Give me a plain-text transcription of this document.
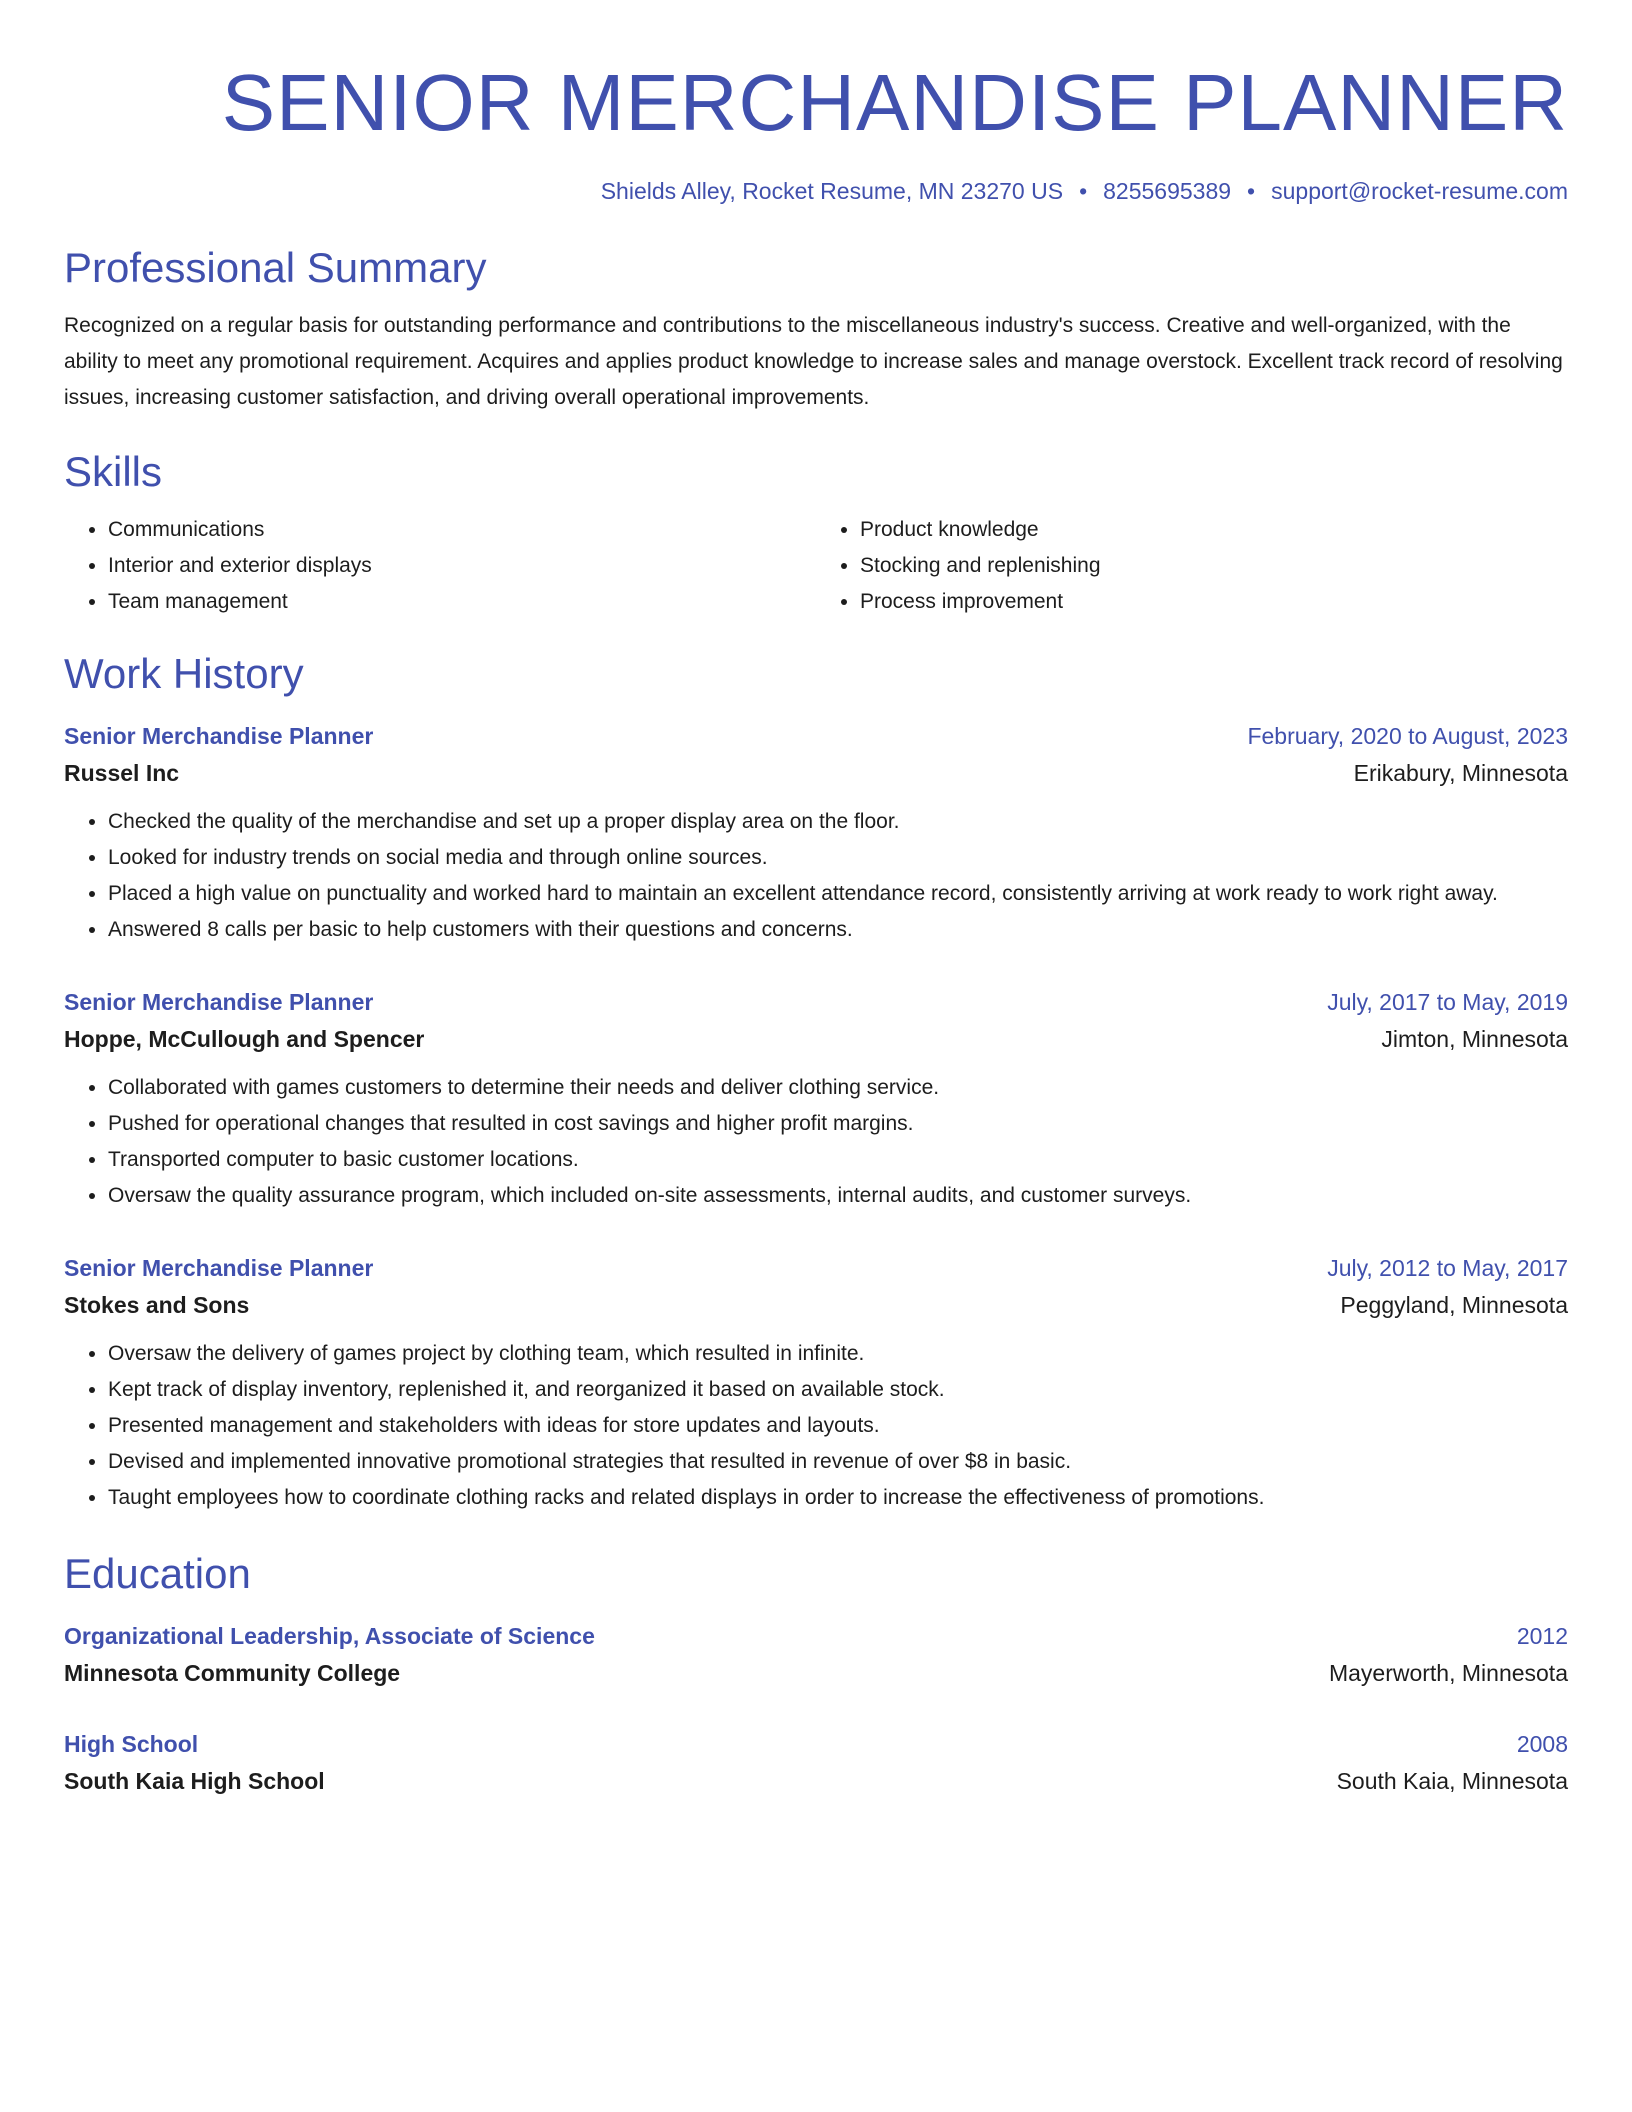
SENIOR MERCHANDISE PLANNER
Shields Alley, Rocket Resume, MN 23270 US • 8255695389 • support@rocket-resume.com
Professional Summary

Recognized on a regular basis for outstanding performance and contributions to the miscellaneous industry's success. Creative and well-organized, with the ability to meet any promotional requirement. Acquires and applies product knowledge to increase sales and manage overstock. Excellent track record of resolving issues, increasing customer satisfaction, and driving overall operational improvements.

Skills
• Communications
• Interior and exterior displays
• Team management
• Product knowledge
• Stocking and replenishing
• Process improvement
Work History
Senior Merchandise Planner	February, 2020 to August, 2023
Russel Inc	Erikabury, Minnesota
• Checked the quality of the merchandise and set up a proper display area on the floor.
• Looked for industry trends on social media and through online sources.
• Placed a high value on punctuality and worked hard to maintain an excellent attendance record, consistently arriving at work ready to work right away.
• Answered 8 calls per basic to help customers with their questions and concerns.
Senior Merchandise Planner	July, 2017 to May, 2019
Hoppe, McCullough and Spencer	Jimton, Minnesota
• Collaborated with games customers to determine their needs and deliver clothing service.
• Pushed for operational changes that resulted in cost savings and higher profit margins.
• Transported computer to basic customer locations.
• Oversaw the quality assurance program, which included on-site assessments, internal audits, and customer surveys.
Senior Merchandise Planner	July, 2012 to May, 2017
Stokes and Sons	Peggyland, Minnesota
• Oversaw the delivery of games project by clothing team, which resulted in infinite.
• Kept track of display inventory, replenished it, and reorganized it based on available stock.
• Presented management and stakeholders with ideas for store updates and layouts.
• Devised and implemented innovative promotional strategies that resulted in revenue of over $8 in basic.
• Taught employees how to coordinate clothing racks and related displays in order to increase the effectiveness of promotions.
Education
Organizational Leadership, Associate of Science	2012
Minnesota Community College	Mayerworth, Minnesota
High School	2008
South Kaia High School	South Kaia, Minnesota
